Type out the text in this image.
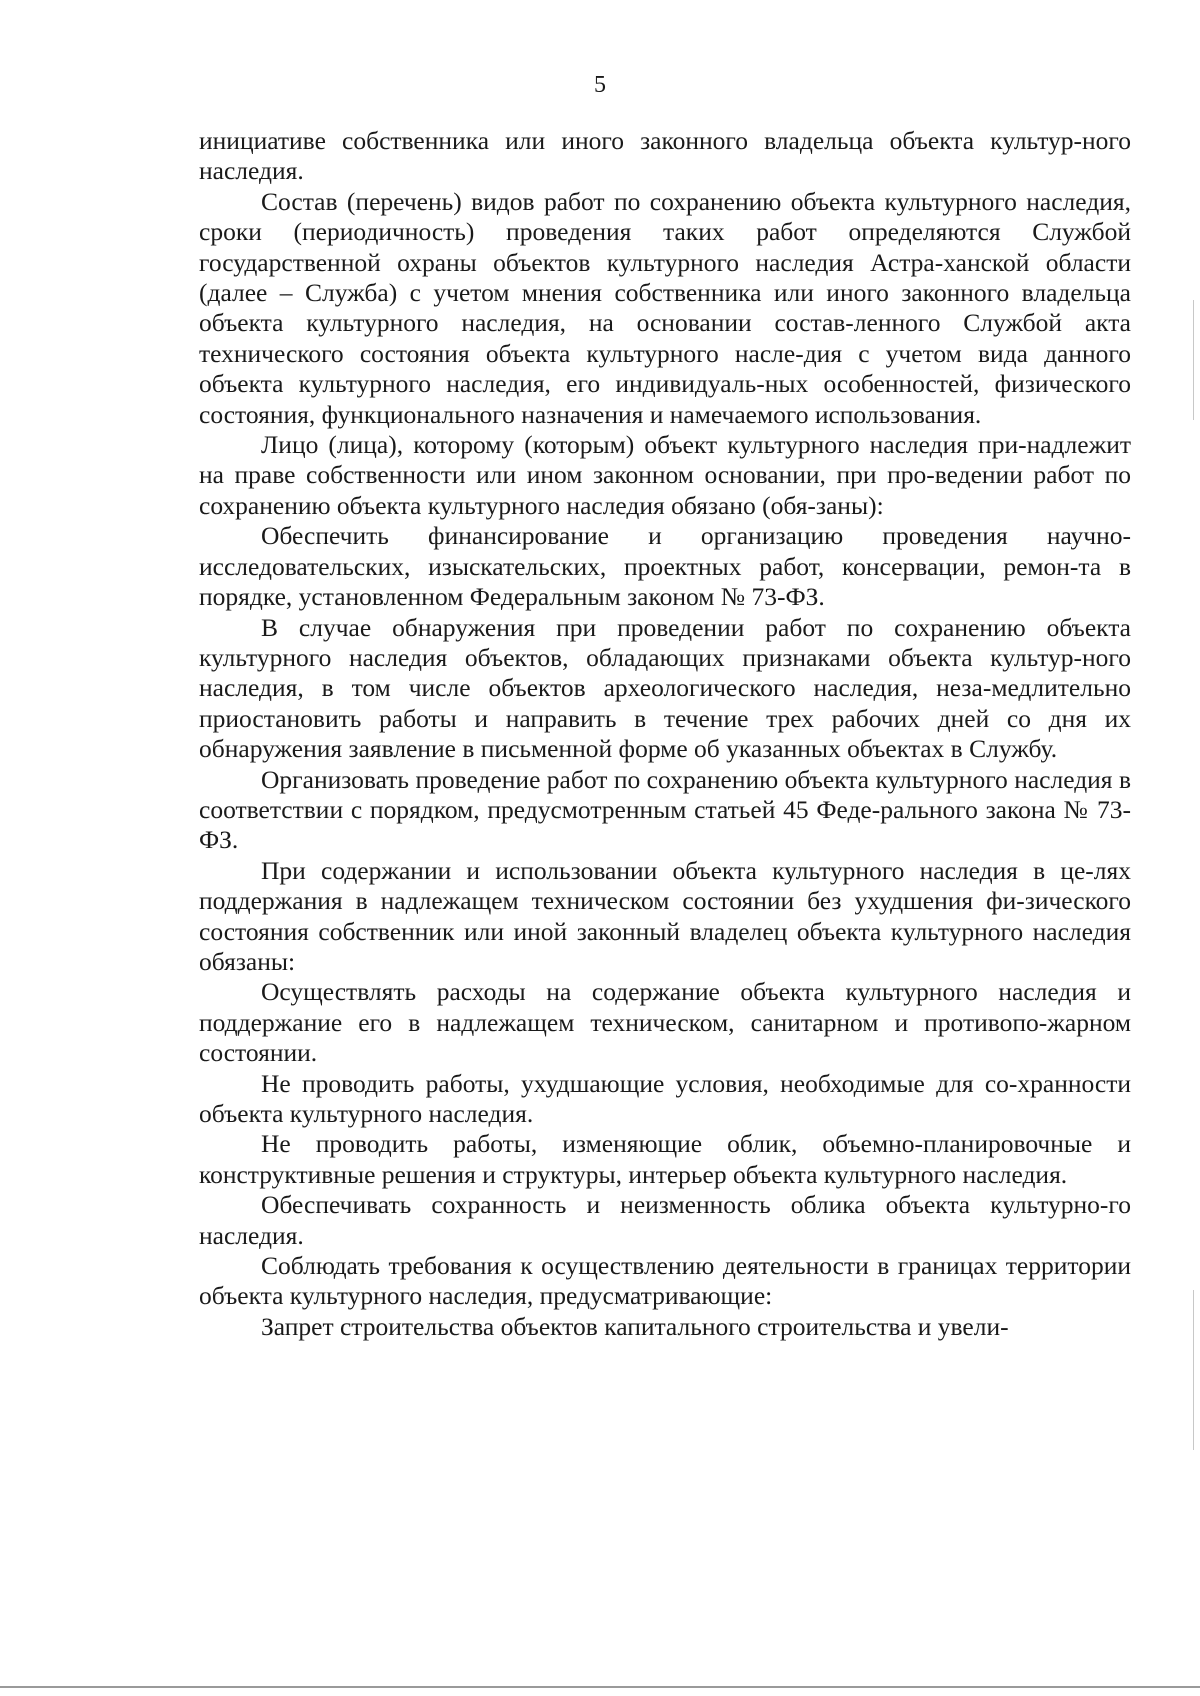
5

инициативе собственника или иного законного владельца объекта культур-ного наследия.

Состав (перечень) видов работ по сохранению объекта культурного наследия, сроки (периодичность) проведения таких работ определяются Службой государственной охраны объектов культурного наследия Астра-ханской области (далее – Служба) с учетом мнения собственника или иного законного владельца объекта культурного наследия, на основании состав-ленного Службой акта технического состояния объекта культурного насле-дия с учетом вида данного объекта культурного наследия, его индивидуаль-ных особенностей, физического состояния, функционального назначения и намечаемого использования.

Лицо (лица), которому (которым) объект культурного наследия при-надлежит на праве собственности или ином законном основании, при про-ведении работ по сохранению объекта культурного наследия обязано (обя-заны):

Обеспечить финансирование и организацию проведения научно-исследовательских, изыскательских, проектных работ, консервации, ремон-та в порядке, установленном Федеральным законом № 73-ФЗ.

В случае обнаружения при проведении работ по сохранению объекта культурного наследия объектов, обладающих признаками объекта культур-ного наследия, в том числе объектов археологического наследия, неза-медлительно приостановить работы и направить в течение трех рабочих дней со дня их обнаружения заявление в письменной форме об указанных объектах в Службу.

Организовать проведение работ по сохранению объекта культурного наследия в соответствии с порядком, предусмотренным статьей 45 Феде-рального закона № 73-ФЗ.

При содержании и использовании объекта культурного наследия в це-лях поддержания в надлежащем техническом состоянии без ухудшения фи-зического состояния собственник или иной законный владелец объекта культурного наследия обязаны:

Осуществлять расходы на содержание объекта культурного наследия и поддержание его в надлежащем техническом, санитарном и противопо-жарном состоянии.

Не проводить работы, ухудшающие условия, необходимые для со-хранности объекта культурного наследия.

Не проводить работы, изменяющие облик, объемно-планировочные и конструктивные решения и структуры, интерьер объекта культурного наследия.

Обеспечивать сохранность и неизменность облика объекта культурно-го наследия.

Соблюдать требования к осуществлению деятельности в границах территории объекта культурного наследия, предусматривающие:

Запрет строительства объектов капитального строительства и увели-
